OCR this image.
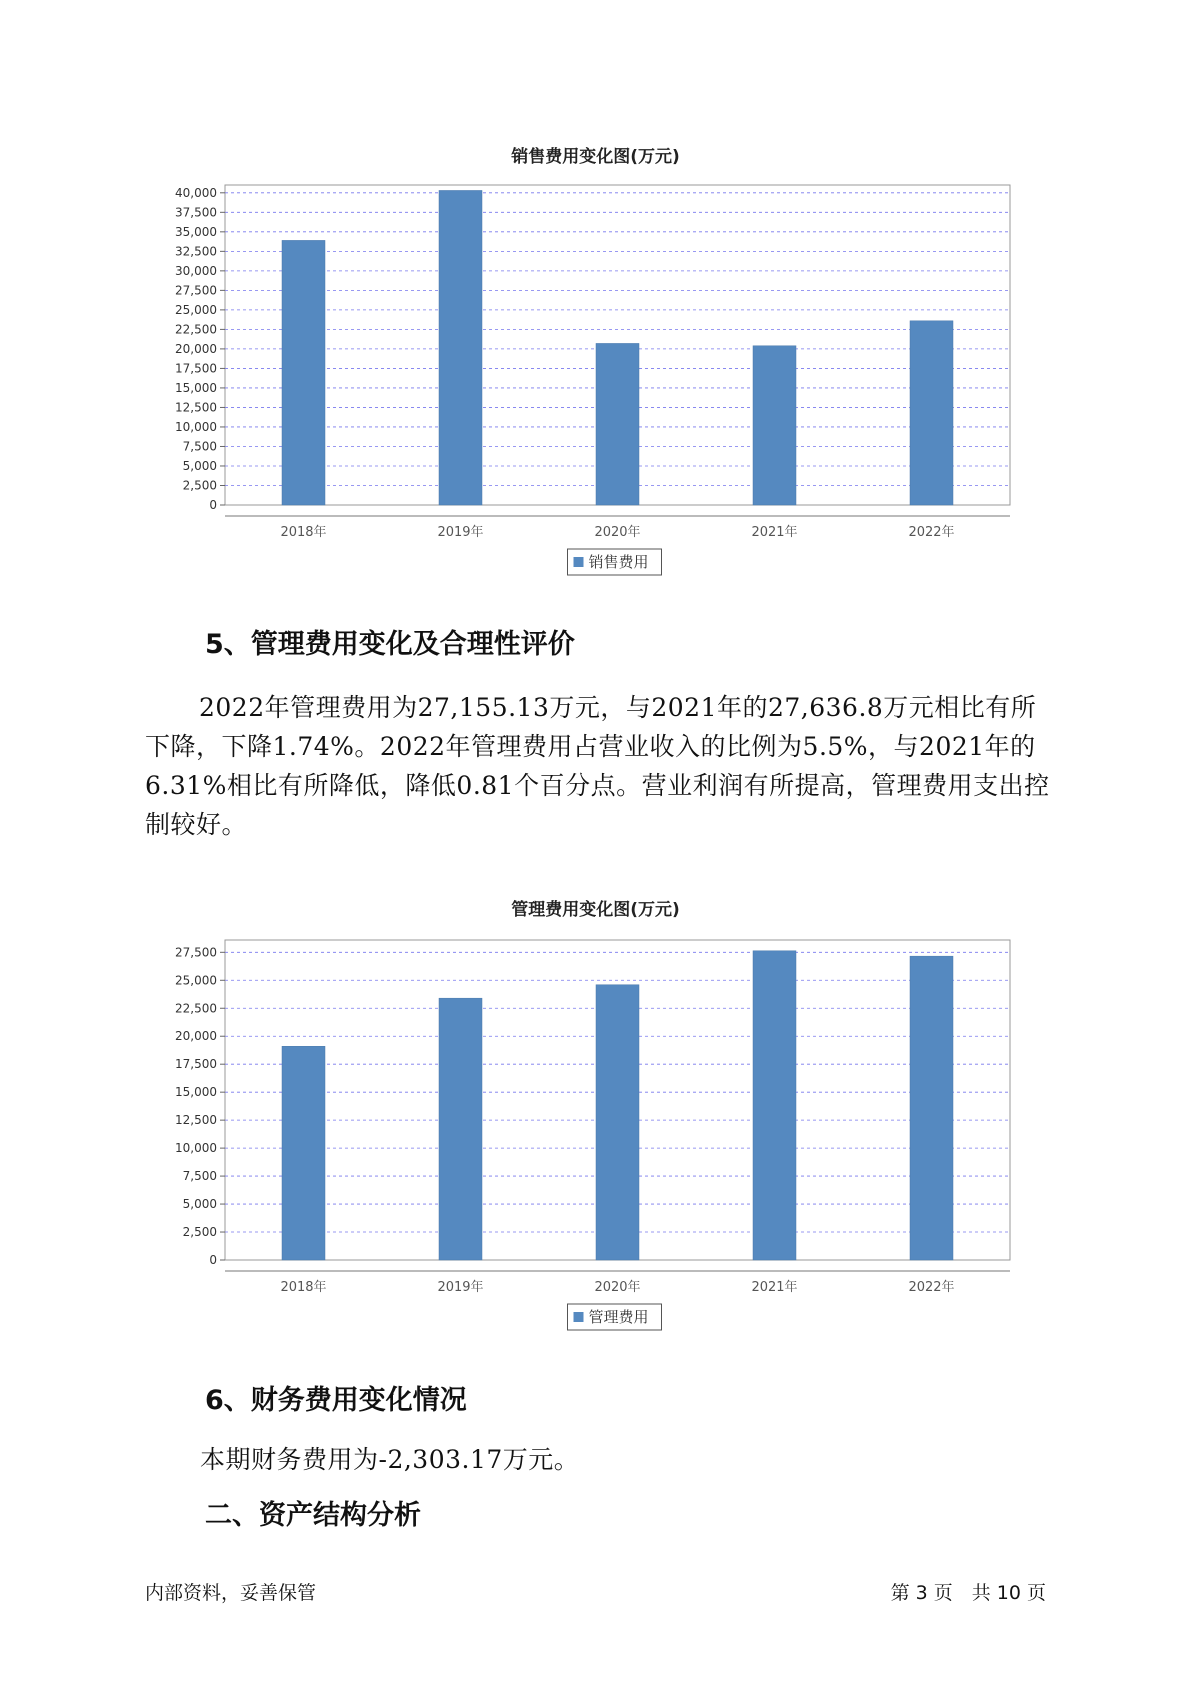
销售费用变化图(万元)
0
2,500
5,000
7,500
10,000
12,500
15,000
17,500
20,000
22,500
25,000
27,500
30,000
32,500
35,000
37,500
40,000
2018年	2019年	2020年	2021年	2022年
销售费用
5、管理费用变化及合理性评价

2022年管理费用为27,155.13万元，与2021年的27,636.8万元相比有所下降，下降1.74%。2022年管理费用占营业收入的比例为5.5%，与2021年的6.31%相比有所降低，降低0.81个百分点。营业利润有所提高，管理费用支出控制较好。

管理费用变化图(万元)
0
2,500
5,000
7,500
10,000
12,500
15,000
17,500
20,000
22,500
25,000
27,500
2018年	2019年	2020年	2021年	2022年
管理费用
6、财务费用变化情况

本期财务费用为-2,303.17万元。

二、资产结构分析
内部资料，妥善保管	第 3 页　共 10 页
